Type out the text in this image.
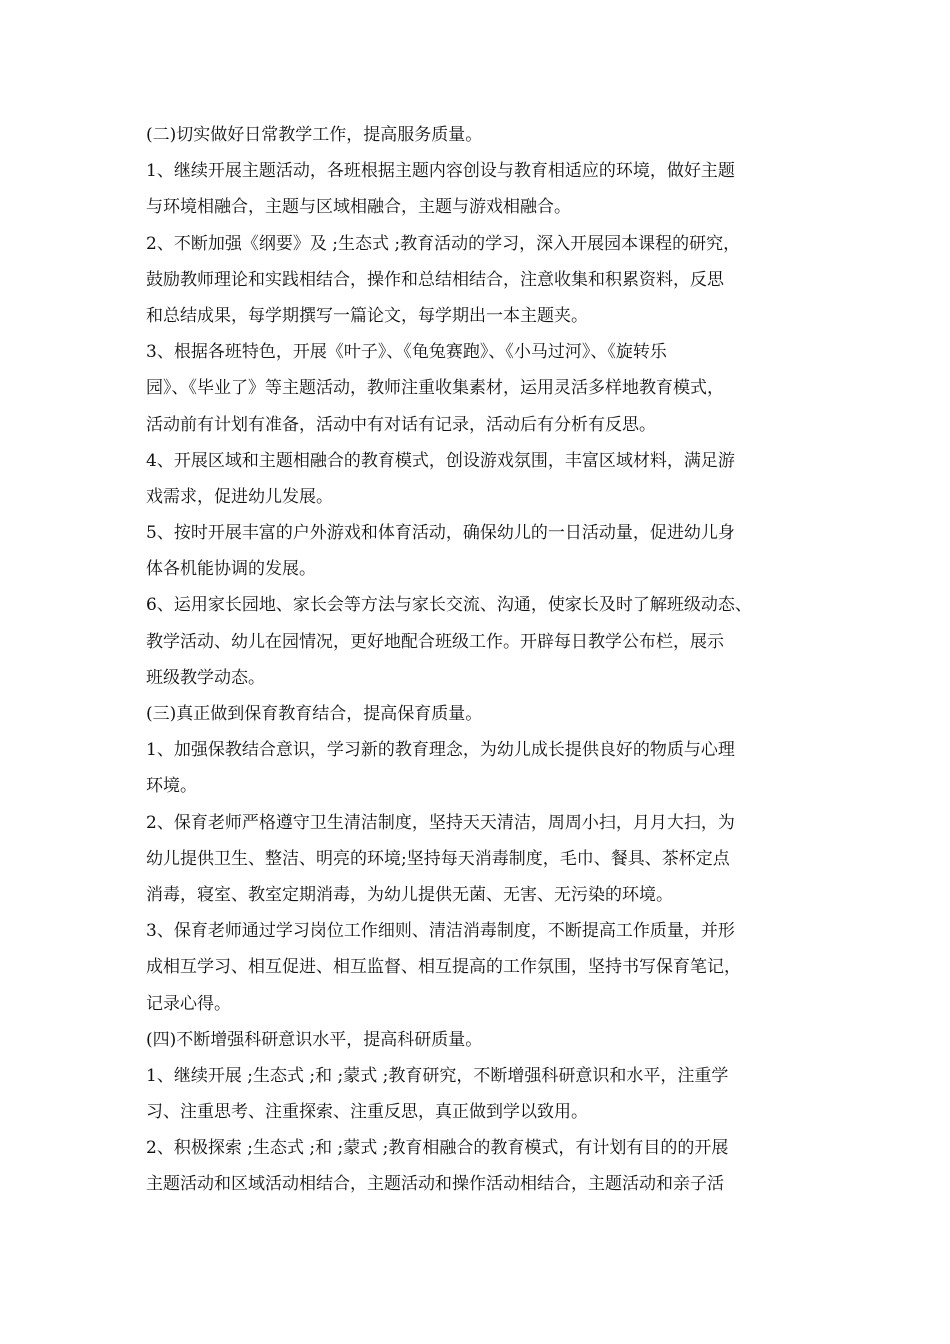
(二)切实做好日常教学工作，提高服务质量。
1、继续开展主题活动，各班根据主题内容创设与教育相适应的环境，做好主题
与环境相融合，主题与区域相融合，主题与游戏相融合。
2、不断加强《纲要》及 ;生态式 ;教育活动的学习，深入开展园本课程的研究，
鼓励教师理论和实践相结合，操作和总结相结合，注意收集和积累资料，反思
和总结成果，每学期撰写一篇论文，每学期出一本主题夹。
3、根据各班特色，开展《叶子》、《龟兔赛跑》、《小马过河》、《旋转乐
园》、《毕业了》等主题活动，教师注重收集素材，运用灵活多样地教育模式，
活动前有计划有准备，活动中有对话有记录，活动后有分析有反思。
4、开展区域和主题相融合的教育模式，创设游戏氛围，丰富区域材料，满足游
戏需求，促进幼儿发展。
5、按时开展丰富的户外游戏和体育活动，确保幼儿的一日活动量，促进幼儿身
体各机能协调的发展。
6、运用家长园地、家长会等方法与家长交流、沟通，使家长及时了解班级动态、
教学活动、幼儿在园情况，更好地配合班级工作。开辟每日教学公布栏，展示
班级教学动态。
(三)真正做到保育教育结合，提高保育质量。
1、加强保教结合意识，学习新的教育理念，为幼儿成长提供良好的物质与心理
环境。
2、保育老师严格遵守卫生清洁制度，坚持天天清洁，周周小扫，月月大扫，为
幼儿提供卫生、整洁、明亮的环境;坚持每天消毒制度，毛巾、餐具、茶杯定点
消毒，寝室、教室定期消毒，为幼儿提供无菌、无害、无污染的环境。
3、保育老师通过学习岗位工作细则、清洁消毒制度，不断提高工作质量，并形
成相互学习、相互促进、相互监督、相互提高的工作氛围，坚持书写保育笔记，
记录心得。
(四)不断增强科研意识水平，提高科研质量。
1、继续开展 ;生态式 ;和 ;蒙式 ;教育研究，不断增强科研意识和水平，注重学
习、注重思考、注重探索、注重反思，真正做到学以致用。
2、积极探索 ;生态式 ;和 ;蒙式 ;教育相融合的教育模式，有计划有目的的开展
主题活动和区域活动相结合，主题活动和操作活动相结合，主题活动和亲子活
